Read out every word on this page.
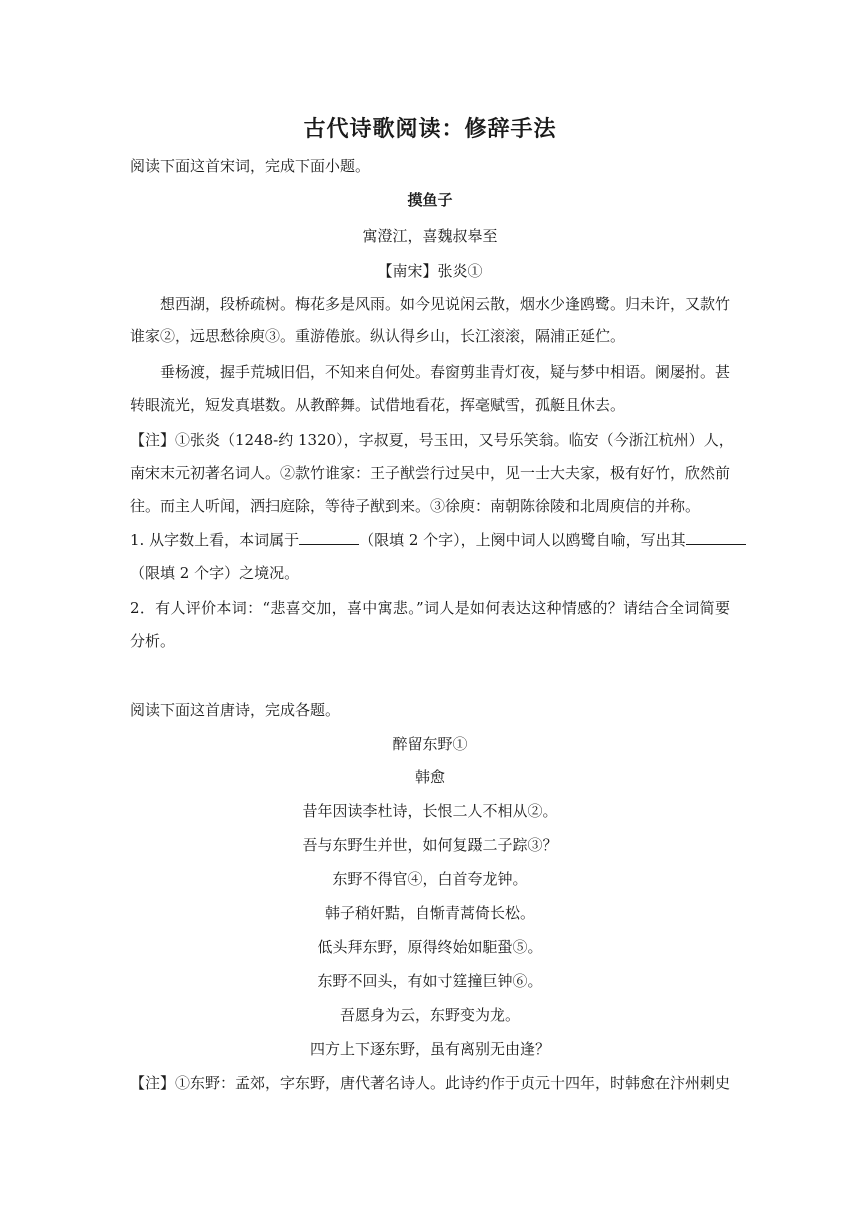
古代诗歌阅读：修辞手法
阅读下面这首宋词，完成下面小题。
摸鱼子
寓澄江，喜魏叔皋至
【南宋】张炎①
想西湖，段桥疏树。梅花多是风雨。如今见说闲云散，烟水少逢鸥鹭。归未许，又款竹
谁家②，远思愁徐庾③。重游倦旅。纵认得乡山，长江滚滚，隔浦正延伫。
垂杨渡，握手荒城旧侣，不知来自何处。春窗剪韭青灯夜，疑与梦中相语。阑屡拊。甚
转眼流光，短发真堪数。从教醉舞。试借地看花，挥毫赋雪，孤艇且休去。
【注】①张炎（1248-约 1320），字叔夏，号玉田，又号乐笑翁。临安（今浙江杭州）人，
南宋末元初著名词人。②款竹谁家：王子猷尝行过吴中，见一士大夫家，极有好竹，欣然前
往。而主人听闻，洒扫庭除，等待子猷到来。③徐庾：南朝陈徐陵和北周庾信的并称。
1. 从字数上看，本词属于	（限填 2 个字），上阕中词人以鸥鹭自喻，写出其
（限填 2 个字）之境况。
2．有人评价本词：“悲喜交加，喜中寓悲。”词人是如何表达这种情感的？请结合全词简要
分析。
阅读下面这首唐诗，完成各题。
醉留东野①
韩愈
昔年因读李杜诗，长恨二人不相从②。
吾与东野生并世，如何复蹑二子踪③？
东野不得官④，白首夸龙钟。
韩子稍奸黠，自惭青蒿倚长松。
低头拜东野，原得终始如駏蛩⑤。
东野不回头，有如寸筳撞巨钟⑥。
吾愿身为云，东野变为龙。
四方上下逐东野，虽有离别无由逢？
【注】①东野：孟郊，字东野，唐代著名诗人。此诗约作于贞元十四年，时韩愈在汴州刺史
